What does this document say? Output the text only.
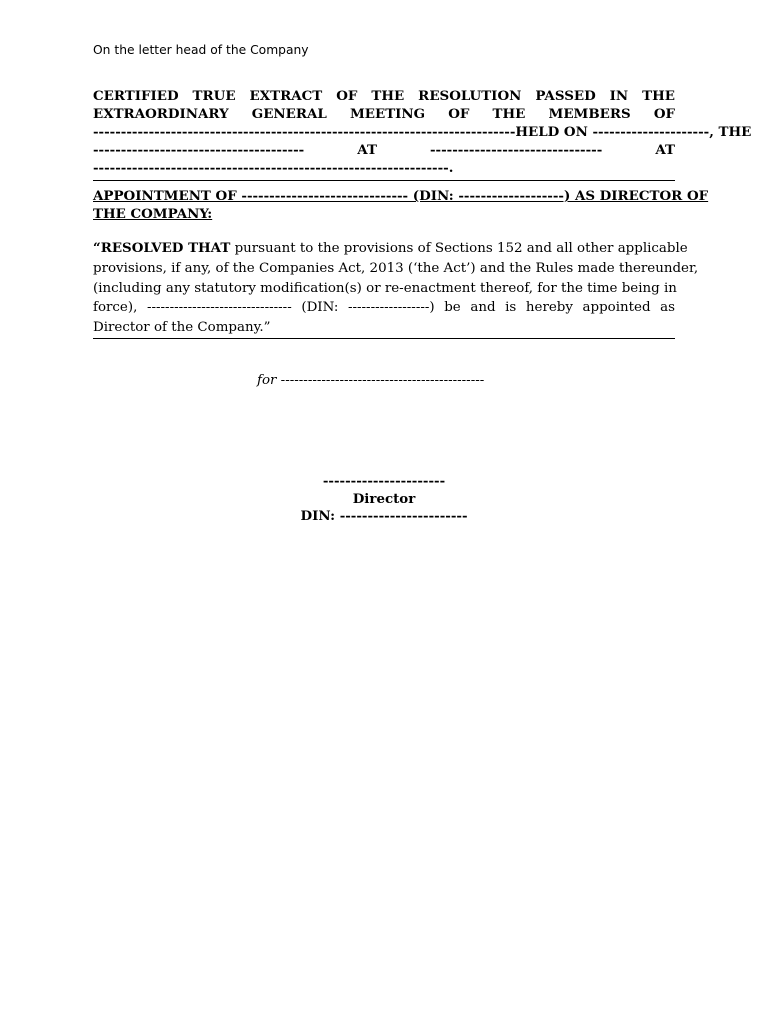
On the letter head of the Company
CERTIFIED TRUE EXTRACT OF THE RESOLUTION PASSED IN THE
EXTRAORDINARY GENERAL MEETING OF THE MEMBERS OF
----------------------------------------------------------------------------HELD ON ---------------------, THE
--------------------------------------	AT	-------------------------------	AT
----------------------------------------------------------------.
APPOINTMENT OF ------------------------------ (DIN: -------------------) AS DIRECTOR OF
THE COMPANY:
“RESOLVED THAT pursuant to the provisions of Sections 152 and all other applicable
provisions, if any, of the Companies Act, 2013 (‘the Act’) and the Rules made thereunder,
(including any statutory modification(s) or re-enactment thereof, for the time being in
force), -------------------------------- (DIN: ------------------) be and is hereby appointed as
Director of the Company.”
for ---------------------------------------------
----------------------
Director
DIN: -----------------------
